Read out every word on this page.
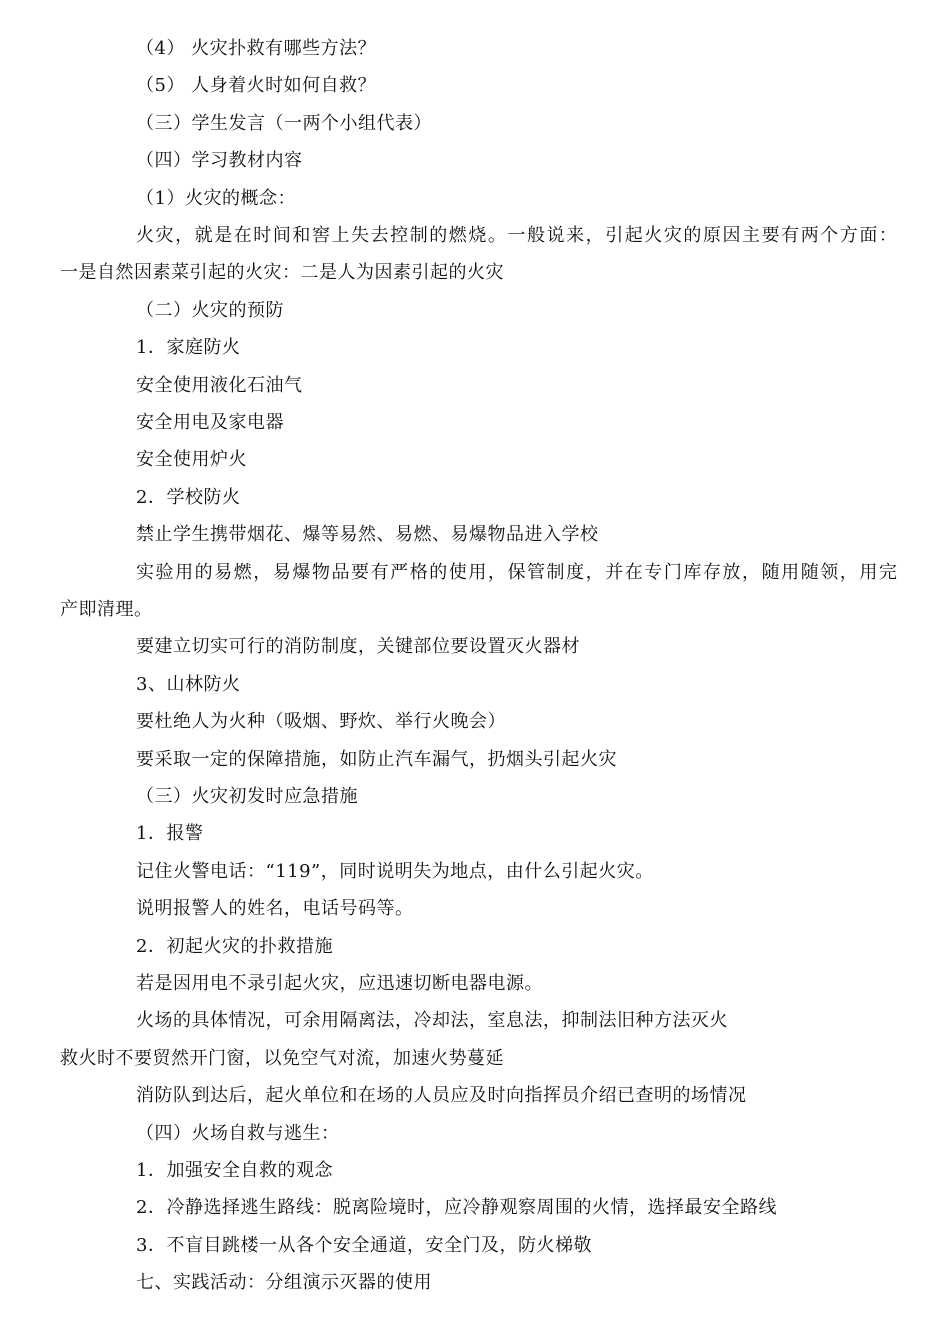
（4） 火灾扑救有哪些方法？
（5） 人身着火时如何自救？
（三）学生发言（一两个小组代表）
（四）学习教材内容
（1）火灾的概念：
火灾，就是在时间和窖上失去控制的燃烧。一般说来，引起火灾的原因主要有两个方面：
一是自然因素菜引起的火灾：二是人为因素引起的火灾
（二）火灾的预防
1．家庭防火
安全使用液化石油气
安全用电及家电器
安全使用炉火
2．学校防火
禁止学生携带烟花、爆等易然、易燃、易爆物品进入学校
实验用的易燃，易爆物品要有严格的使用，保管制度，并在专门库存放，随用随领，用完
产即清理。
要建立切实可行的消防制度，关键部位要设置灭火器材
3、山林防火
要杜绝人为火种（吸烟、野炊、举行火晚会）
要采取一定的保障措施，如防止汽车漏气，扔烟头引起火灾
（三）火灾初发时应急措施
1．报警
记住火警电话：“119”，同时说明失为地点，由什么引起火灾。
说明报警人的姓名，电话号码等。
2．初起火灾的扑救措施
若是因用电不录引起火灾，应迅速切断电器电源。
火场的具体情况，可余用隔离法，冷却法，室息法，抑制法旧种方法灭火
救火时不要贸然开门窗，以免空气对流，加速火势蔓延
消防队到达后，起火单位和在场的人员应及时向指挥员介绍已查明的场情况
（四）火场自救与逃生：
1．加强安全自救的观念
2．冷静选择逃生路线：脱离险境时，应冷静观察周围的火情，选择最安全路线
3．不盲目跳楼一从各个安全通道，安全门及，防火梯敬
七、实践活动：分组演示灭器的使用
